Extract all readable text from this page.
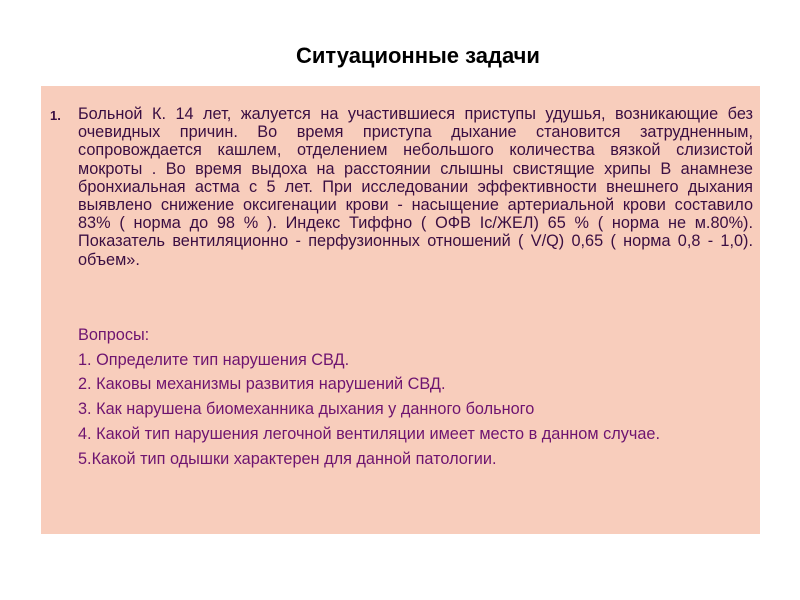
Ситуационные задачи
1. Больной К. 14 лет, жалуется на участившиеся приступы удушья, возникающие без очевидных причин. Во время приступа дыхание становится затрудненным, сопровождается кашлем, отделением небольшого количества вязкой слизистой мокроты . Во время выдоха на расстоянии слышны свистящие хрипы В анамнезе бронхиальная астма с 5 лет. При исследовании эффективности внешнего дыхания выявлено снижение оксигенации крови - насыщение артериальной крови составило 83% ( норма до 98 % ). Индекс Тиффно ( ОФВ Iс/ЖЕЛ) 65 % ( норма не м.80%). Показатель вентиляционно - перфузионных отношений ( V/Q) 0,65 ( норма 0,8 - 1,0). объем».
Вопросы:
1. Определите тип нарушения СВД.
2. Каковы механизмы развития нарушений СВД.
3. Как нарушена биомеханника дыхания у данного больного
4. Какой тип нарушения легочной вентиляции имеет место в данном случае.
5.Какой тип одышки характерен для данной патологии.
